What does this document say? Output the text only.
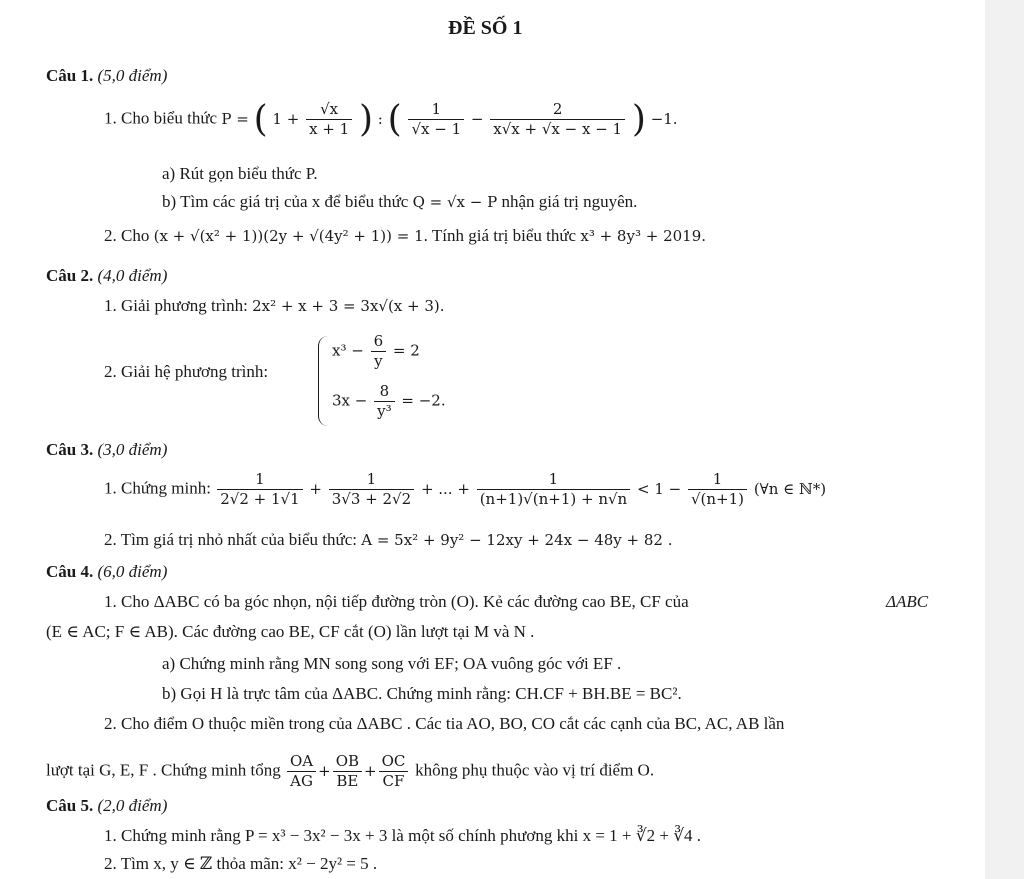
ĐỀ SỐ 1
Câu 1. (5,0 điểm)
1. Cho biểu thức P = ( $1 + \frac{√x}{x + 1}$ ) : ( $\frac{1}{√x - 1} - \frac{2}{x√x + √x - x - 1}$ ) −1.
a) Rút gọn biểu thức P.
b) Tìm các giá trị của x để biểu thức Q = √x − P nhận giá trị nguyên.
2. Cho (x + √(x² + 1))(2y + √(4y² + 1)) = 1. Tính giá trị biểu thức x³ + 8y³ + 2019.
Câu 2. (4,0 điểm)
1. Giải phương trình: 2x² + x + 3 = 3x√(x + 3).
2. Giải hệ phương trình:
$x^3 - \frac{6}{y} = 2$
$3x - \frac{8}{\text{y³}} = -2$.
Câu 3. (3,0 điểm)
1. Chứng minh: $\frac{1}{2√2 + 1√1} + \frac{1}{3√3 + 2√2}$ + ... + $\frac{1}{(n+1)√(n+1) + n√n} < 1 - \frac{1}{√(n+1)}$ (∀n ∈ ℕ*)
2. Tìm giá trị nhỏ nhất của biểu thức: A = 5x² + 9y² − 12xy + 24x − 48y + 82 .
Câu 4. (6,0 điểm)
1. Cho ΔABC có ba góc nhọn, nội tiếp đường tròn (O). Kẻ các đường cao BE, CF của	ΔABC
(E ∈ AC; F ∈ AB). Các đường cao BE, CF cắt (O) lần lượt tại M và N .
a) Chứng minh rằng MN song song với EF; OA vuông góc với EF .
b) Gọi H là trực tâm của ΔABC. Chứng minh rằng: CH.CF + BH.BE = BC².
2. Cho điểm O thuộc miền trong của ΔABC . Các tia AO, BO, CO cắt các cạnh của BC, AC, AB lần
lượt tại G, E, F . Chứng minh tổng $\frac{OA}{AG} + \frac{OB}{BE} + \frac{OC}{CF}$ không phụ thuộc vào vị trí điểm O.
Câu 5. (2,0 điểm)
1. Chứng minh rằng P = x³ − 3x² − 3x + 3 là một số chính phương khi x = 1 + ∛2 + ∛4 .
2. Tìm x, y ∈ ℤ thỏa mãn: x² − 2y² = 5 .
